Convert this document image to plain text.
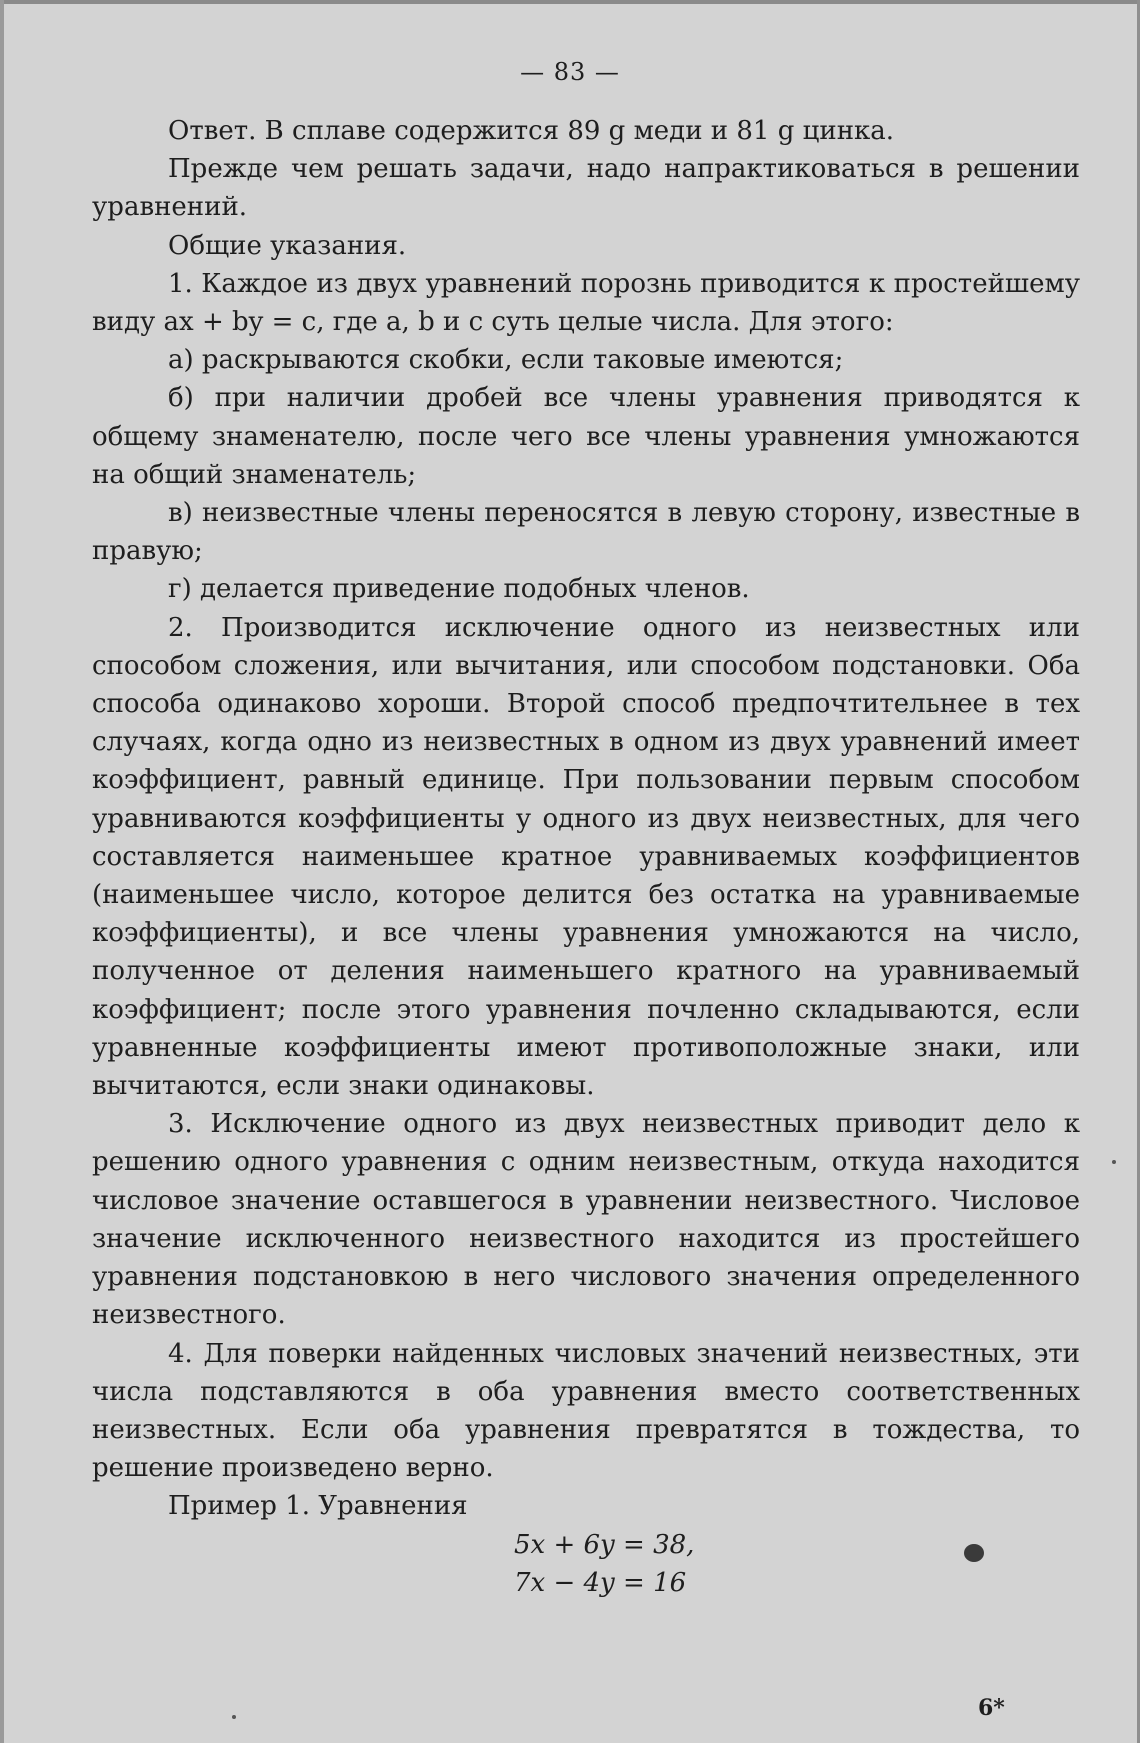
— 83 —

Ответ. В сплаве содержится 89 g меди и 81 g цинка.

Прежде чем решать задачи, надо напрактиковаться в решении уравнений.

Общие указания.

1. Каждое из двух уравнений порознь приводится к простейшему виду ax + by = c, где a, b и c суть целые числа. Для этого:

а) раскрываются скобки, если таковые имеются;

б) при наличии дробей все члены уравнения приводятся к общему знаменателю, после чего все члены уравнения умножаются на общий знаменатель;

в) неизвестные члены переносятся в левую сторону, известные в правую;

г) делается приведение подобных членов.

2. Производится исключение одного из неизвестных или способом сложения, или вычитания, или способом подстановки. Оба способа одинаково хороши. Второй способ предпочтительнее в тех случаях, когда одно из неизвестных в одном из двух уравнений имеет коэффициент, равный единице. При пользовании первым способом уравниваются коэффициенты у одного из двух неизвестных, для чего составляется наименьшее кратное уравниваемых коэффициентов (наименьшее число, которое делится без остатка на уравниваемые коэффициенты), и все члены уравнения умножаются на число, полученное от деления наименьшего кратного на уравниваемый коэффициент; после этого уравнения почленно складываются, если уравненные коэффициенты имеют противоположные знаки, или вычитаются, если знаки одинаковы.

3. Исключение одного из двух неизвестных приводит дело к решению одного уравнения с одним неизвестным, откуда находится числовое значение оставшегося в уравнении неизвестного. Числовое значение исключенного неизвестного находится из простейшего уравнения подстановкою в него числового значения определенного неизвестного.

4. Для поверки найденных числовых значений неизвестных, эти числа подставляются в оба уравнения вместо соответственных неизвестных. Если оба уравнения превратятся в тождества, то решение произведено верно.

Пример 1. Уравнения

5x + 6y = 38,

7x − 4y = 16

6*
